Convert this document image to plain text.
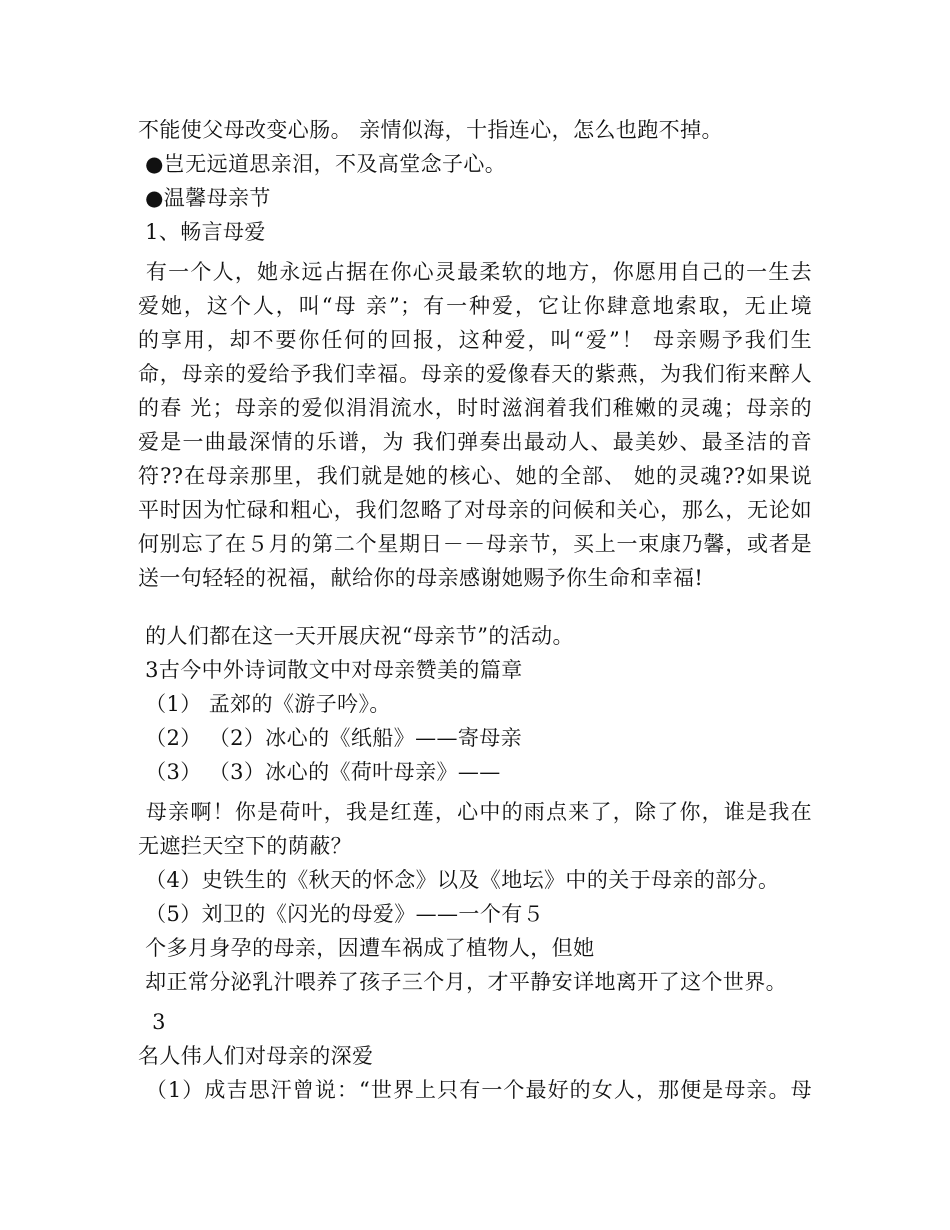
不能使父母改变心肠。 亲情似海，十指连心，怎么也跑不掉。
●岂无远道思亲泪，不及高堂念子心。
●温馨母亲节
1、畅言母爱
有一个人，她永远占据在你心灵最柔软的地方，你愿用自己的一生去
爱她，这个人，叫“母 亲”；有一种爱，它让你肆意地索取，无止境
的享用，却不要你任何的回报，这种爱，叫“爱”！ 母亲赐予我们生
命，母亲的爱给予我们幸福。母亲的爱像春天的紫燕，为我们衔来醉人
的春 光；母亲的爱似涓涓流水，时时滋润着我们稚嫩的灵魂；母亲的
爱是一曲最深情的乐谱，为 我们弹奏出最动人、最美妙、最圣洁的音
符??在母亲那里，我们就是她的核心、她的全部、 她的灵魂??如果说
平时因为忙碌和粗心，我们忽略了对母亲的问候和关心，那么，无论如
何别忘了在５月的第二个星期日－－母亲节，买上一束康乃馨，或者是
送一句轻轻的祝福，献给你的母亲感谢她赐予你生命和幸福!
的人们都在这一天开展庆祝“母亲节”的活动。
3古今中外诗词散文中对母亲赞美的篇章
（1） 孟郊的《游子吟》。
（2） （2）冰心的《纸船》——寄母亲
（3） （3）冰心的《荷叶母亲》——
母亲啊！你是荷叶，我是红莲，心中的雨点来了，除了你，谁是我在
无遮拦天空下的荫蔽？
（4）史铁生的《秋天的怀念》以及《地坛》中的关于母亲的部分。
（5）刘卫的《闪光的母爱》——一个有５
个多月身孕的母亲，因遭车祸成了植物人，但她
却正常分泌乳汁喂养了孩子三个月，才平静安详地离开了这个世界。
3
名人伟人们对母亲的深爱
（1）成吉思汗曾说：“世界上只有一个最好的女人，那便是母亲。母
